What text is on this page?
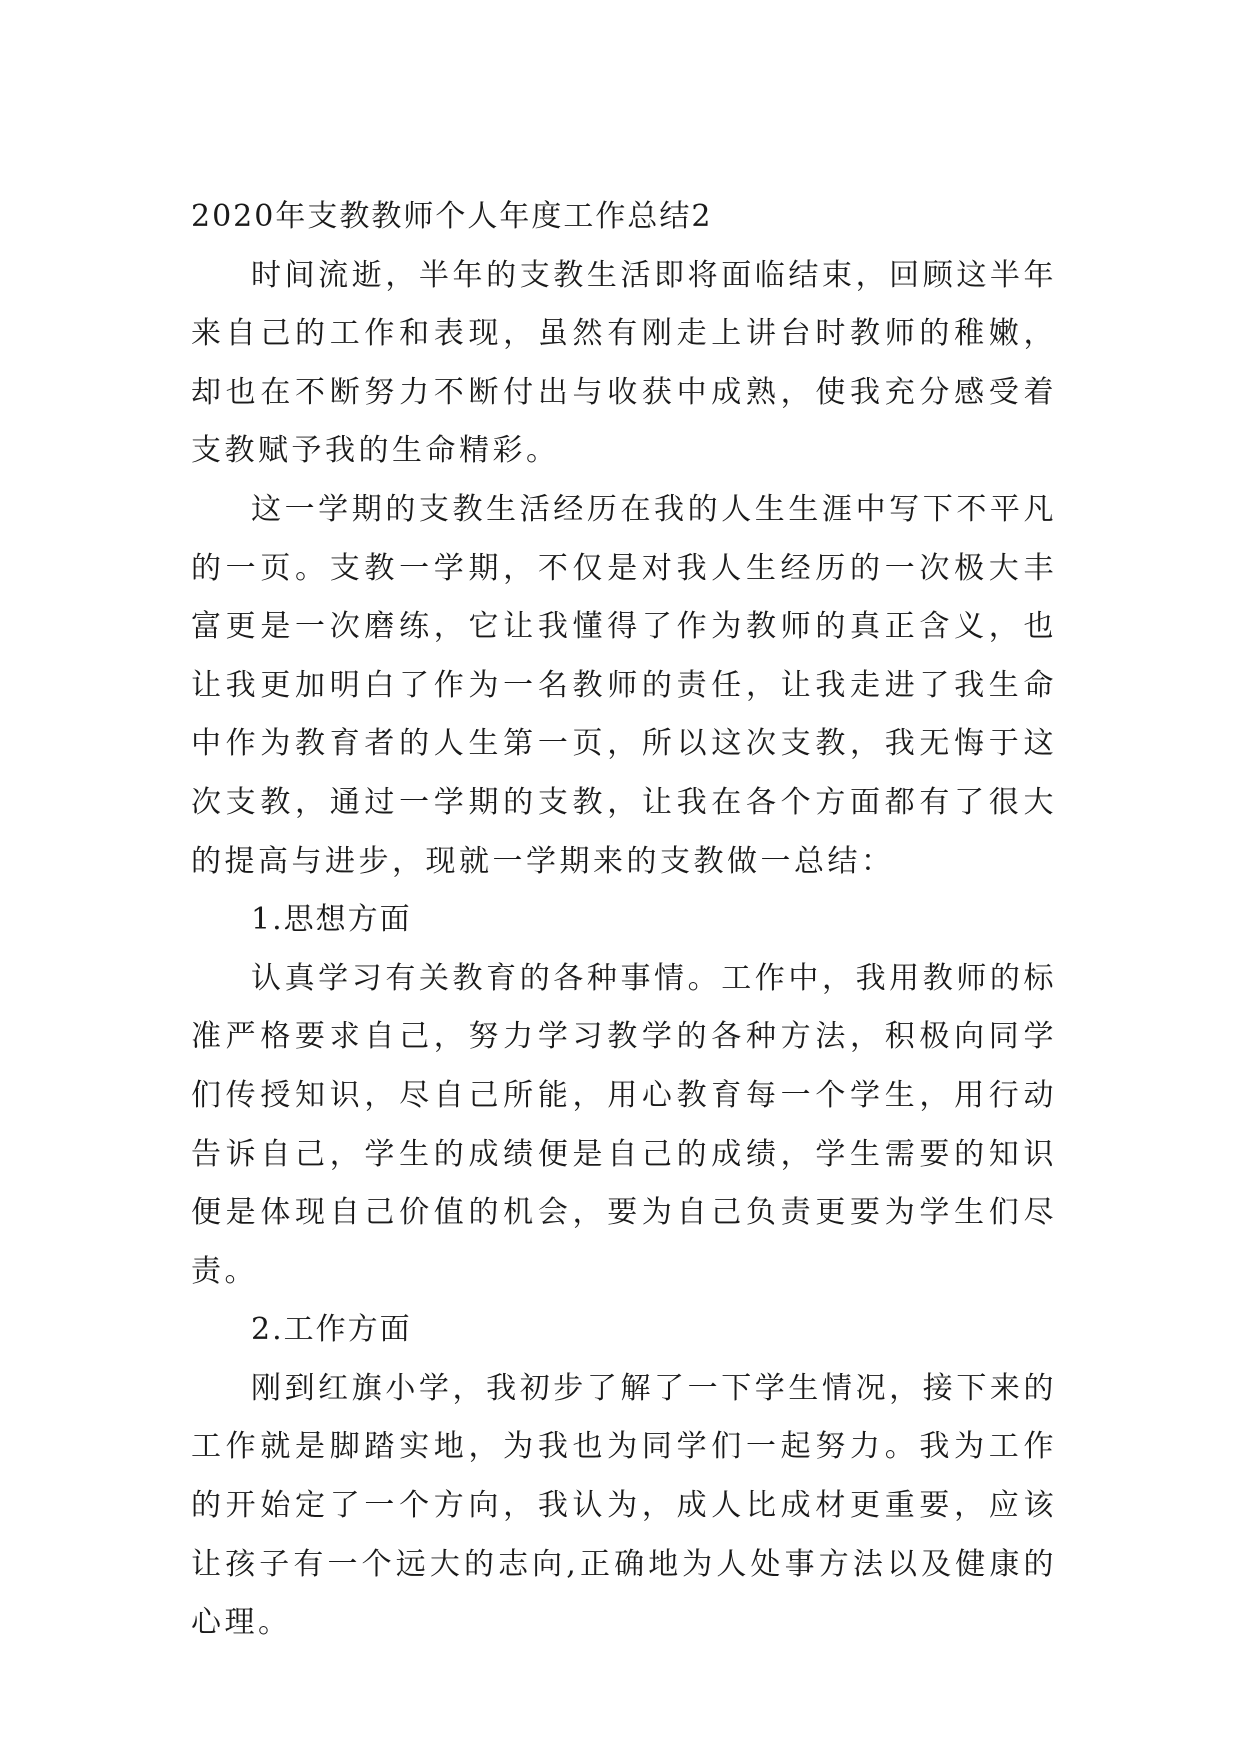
2020年支教教师个人年度工作总结2

时间流逝，半年的支教生活即将面临结束，回顾这半年来自己的工作和表现，虽然有刚走上讲台时教师的稚嫩，却也在不断努力不断付出与收获中成熟，使我充分感受着支教赋予我的生命精彩。

这一学期的支教生活经历在我的人生生涯中写下不平凡的一页。支教一学期，不仅是对我人生经历的一次极大丰富更是一次磨练，它让我懂得了作为教师的真正含义，也让我更加明白了作为一名教师的责任，让我走进了我生命中作为教育者的人生第一页，所以这次支教，我无悔于这次支教，通过一学期的支教，让我在各个方面都有了很大的提高与进步，现就一学期来的支教做一总结：

1.思想方面

认真学习有关教育的各种事情。工作中，我用教师的标准严格要求自己，努力学习教学的各种方法，积极向同学们传授知识，尽自己所能，用心教育每一个学生，用行动告诉自己，学生的成绩便是自己的成绩，学生需要的知识便是体现自己价值的机会，要为自己负责更要为学生们尽责。

2.工作方面

刚到红旗小学，我初步了解了一下学生情况，接下来的工作就是脚踏实地，为我也为同学们一起努力。我为工作的开始定了一个方向，我认为，成人比成材更重要，应该让孩子有一个远大的志向,正确地为人处事方法以及健康的心理。
